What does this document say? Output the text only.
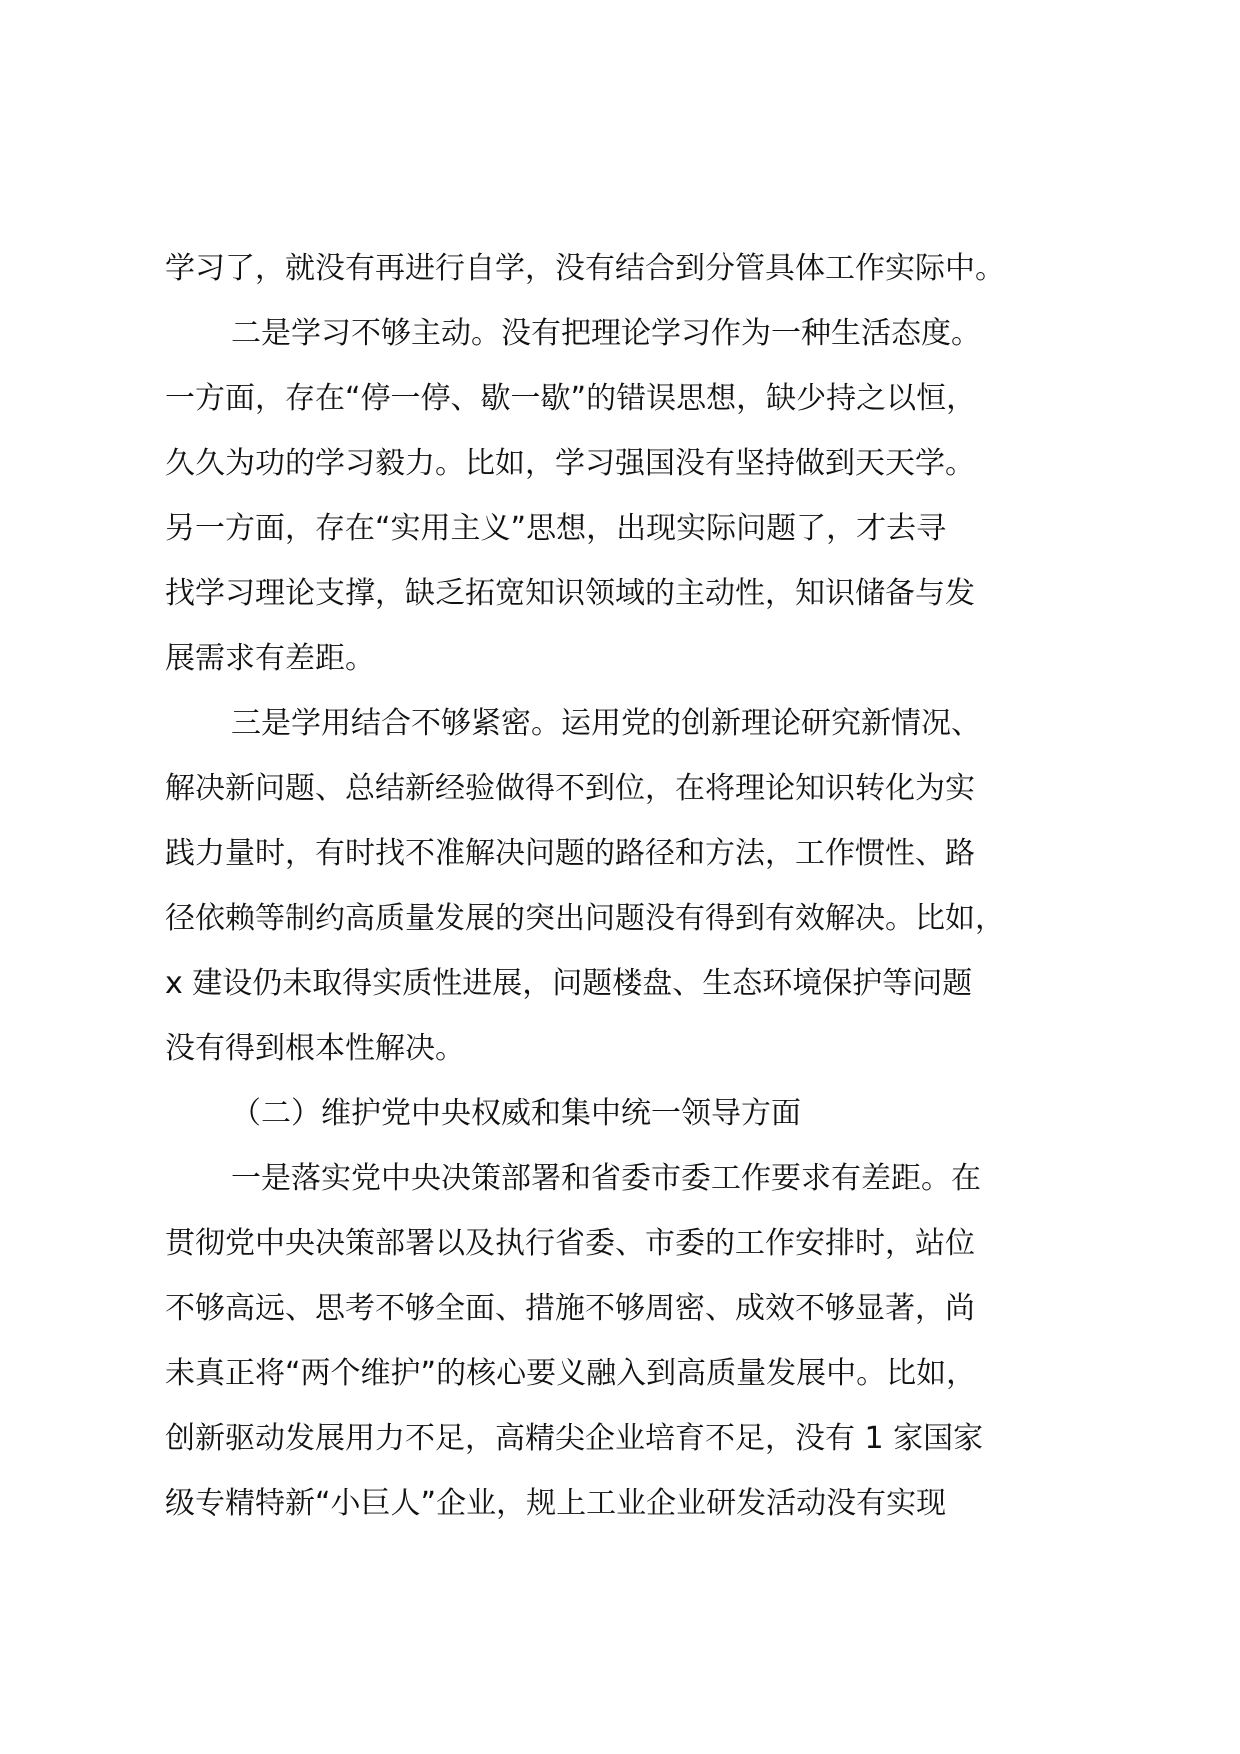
学习了，就没有再进行自学，没有结合到分管具体工作实际中。
二是学习不够主动。没有把理论学习作为一种生活态度。
一方面，存在“停一停、歇一歇”的错误思想，缺少持之以恒，
久久为功的学习毅力。比如，学习强国没有坚持做到天天学。
另一方面，存在“实用主义”思想，出现实际问题了，才去寻
找学习理论支撑，缺乏拓宽知识领域的主动性，知识储备与发
展需求有差距。
三是学用结合不够紧密。运用党的创新理论研究新情况、
解决新问题、总结新经验做得不到位，在将理论知识转化为实
践力量时，有时找不准解决问题的路径和方法，工作惯性、路
径依赖等制约高质量发展的突出问题没有得到有效解决。比如，
x 建设仍未取得实质性进展，问题楼盘、生态环境保护等问题
没有得到根本性解决。
（二）维护党中央权威和集中统一领导方面
一是落实党中央决策部署和省委市委工作要求有差距。在
贯彻党中央决策部署以及执行省委、市委的工作安排时，站位
不够高远、思考不够全面、措施不够周密、成效不够显著，尚
未真正将“两个维护”的核心要义融入到高质量发展中。比如，
创新驱动发展用力不足，高精尖企业培育不足，没有 1 家国家
级专精特新“小巨人”企业，规上工业企业研发活动没有实现
